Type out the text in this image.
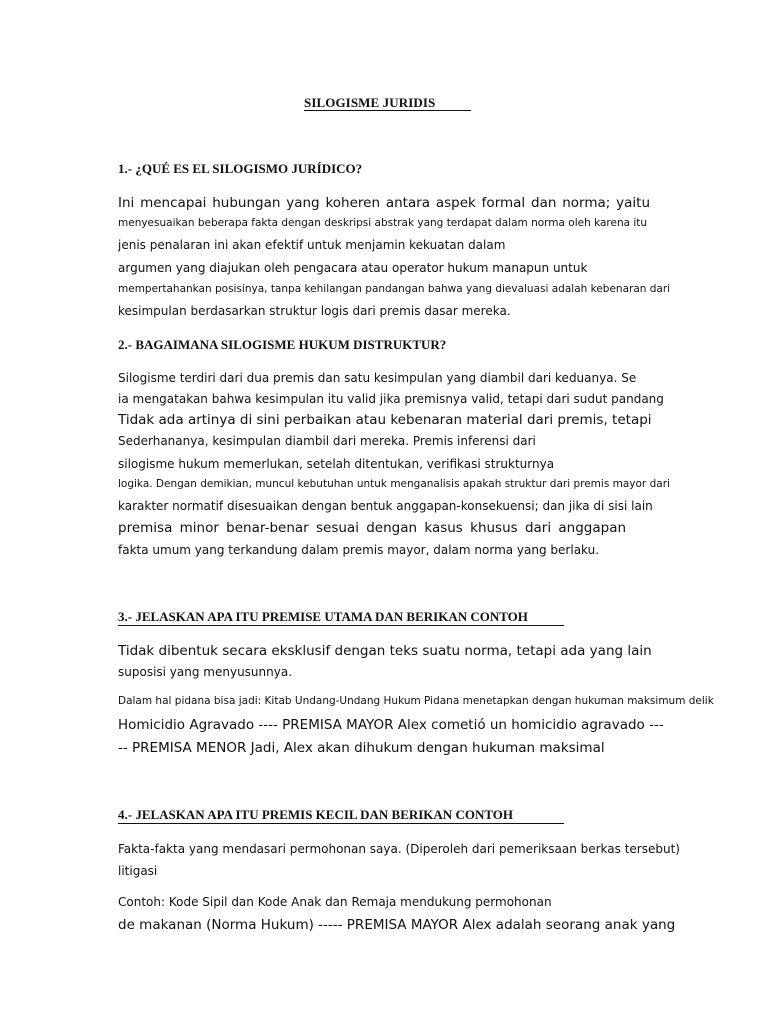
SILOGISME JURIDIS
1.- ¿QUÉ ES EL SILOGISMO JURÍDICO?
Ini mencapai hubungan yang koheren antara aspek formal dan norma; yaitu
menyesuaikan beberapa fakta dengan deskripsi abstrak yang terdapat dalam norma oleh karena itu
jenis penalaran ini akan efektif untuk menjamin kekuatan dalam
argumen yang diajukan oleh pengacara atau operator hukum manapun untuk
mempertahankan posisinya, tanpa kehilangan pandangan bahwa yang dievaluasi adalah kebenaran dari
kesimpulan berdasarkan struktur logis dari premis dasar mereka.
2.- BAGAIMANA SILOGISME HUKUM DISTRUKTUR?
Silogisme terdiri dari dua premis dan satu kesimpulan yang diambil dari keduanya. Se
ia mengatakan bahwa kesimpulan itu valid jika premisnya valid, tetapi dari sudut pandang
Tidak ada artinya di sini perbaikan atau kebenaran material dari premis, tetapi
Sederhananya, kesimpulan diambil dari mereka. Premis inferensi dari
silogisme hukum memerlukan, setelah ditentukan, verifikasi strukturnya
logika. Dengan demikian, muncul kebutuhan untuk menganalisis apakah struktur dari premis mayor dari
karakter normatif disesuaikan dengan bentuk anggapan-konsekuensi; dan jika di sisi lain
premisa minor benar-benar sesuai dengan kasus khusus dari anggapan
fakta umum yang terkandung dalam premis mayor, dalam norma yang berlaku.
3.- JELASKAN APA ITU PREMISE UTAMA DAN BERIKAN CONTOH
Tidak dibentuk secara eksklusif dengan teks suatu norma, tetapi ada yang lain
suposisi yang menyusunnya.
Dalam hal pidana bisa jadi: Kitab Undang-Undang Hukum Pidana menetapkan dengan hukuman maksimum delik
Homicidio Agravado ---- PREMISA MAYOR Alex cometió un homicidio agravado ---
-- PREMISA MENOR Jadi, Alex akan dihukum dengan hukuman maksimal
4.- JELASKAN APA ITU PREMIS KECIL DAN BERIKAN CONTOH
Fakta-fakta yang mendasari permohonan saya. (Diperoleh dari pemeriksaan berkas tersebut)
litigasi
Contoh: Kode Sipil dan Kode Anak dan Remaja mendukung permohonan
de makanan (Norma Hukum) ----- PREMISA MAYOR Alex adalah seorang anak yang
